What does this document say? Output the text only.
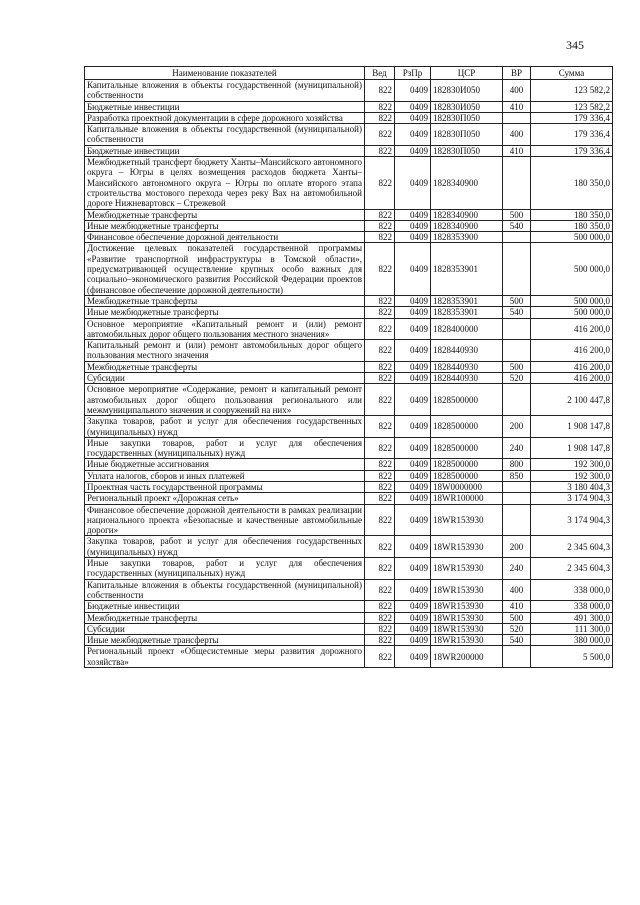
345
Наименование показателей	Вед	РзПр	ЦСР	ВР	Сумма
Капитальные вложения в объекты государственной (муниципальной) собственности	822	0409	182830И050	400	123 582,2
Бюджетные инвестиции	822	0409	182830И050	410	123 582,2
Разработка проектной документации в сфере дорожного хозяйства	822	0409	182830П050		179 336,4
Капитальные вложения в объекты государственной (муниципальной) собственности	822	0409	182830П050	400	179 336,4
Бюджетные инвестиции	822	0409	182830П050	410	179 336,4
Межбюджетный трансферт бюджету Ханты–Мансийского автономного округа – Югры в целях возмещения расходов бюджета Ханты–Мансийского автономного округа – Югры по оплате второго этапа строительства мостового перехода через реку Вах на автомобильной дороге Нижневартовск – Стрежевой	822	0409	1828340900		180 350,0
Межбюджетные трансферты	822	0409	1828340900	500	180 350,0
Иные межбюджетные трансферты	822	0409	1828340900	540	180 350,0
Финансовое обеспечение дорожной деятельности	822	0409	1828353900		500 000,0
Достижение целевых показателей государственной программы «Развитие транспортной инфраструктуры в Томской области», предусматривающей осуществление крупных особо важных для социально–экономического развития Российской Федерации проектов (финансовое обеспечение дорожной деятельности)	822	0409	1828353901		500 000,0
Межбюджетные трансферты	822	0409	1828353901	500	500 000,0
Иные межбюджетные трансферты	822	0409	1828353901	540	500 000,0
Основное мероприятие «Капитальный ремонт и (или) ремонт автомобильных дорог общего пользования местного значения»	822	0409	1828400000		416 200,0
Капитальный ремонт и (или) ремонт автомобильных дорог общего пользования местного значения	822	0409	1828440930		416 200,0
Межбюджетные трансферты	822	0409	1828440930	500	416 200,0
Субсидии	822	0409	1828440930	520	416 200,0
Основное мероприятие «Содержание, ремонт и капитальный ремонт автомобильных дорог общего пользования регионального или межмуниципального значения и сооружений на них»	822	0409	1828500000		2 100 447,8
Закупка товаров, работ и услуг для обеспечения государственных (муниципальных) нужд	822	0409	1828500000	200	1 908 147,8
Иные закупки товаров, работ и услуг для обеспечения государственных (муниципальных) нужд	822	0409	1828500000	240	1 908 147,8
Иные бюджетные ассигнования	822	0409	1828500000	800	192 300,0
Уплата налогов, сборов и иных платежей	822	0409	1828500000	850	192 300,0
Проектная часть государственной программы	822	0409	18W0000000		3 180 404,3
Региональный проект «Дорожная сеть»	822	0409	18WR100000		3 174 904,3
Финансовое обеспечение дорожной деятельности в рамках реализации национального проекта «Безопасные и качественные автомобильные дороги»	822	0409	18WR153930		3 174 904,3
Закупка товаров, работ и услуг для обеспечения государственных (муниципальных) нужд	822	0409	18WR153930	200	2 345 604,3
Иные закупки товаров, работ и услуг для обеспечения государственных (муниципальных) нужд	822	0409	18WR153930	240	2 345 604,3
Капитальные вложения в объекты государственной (муниципальной) собственности	822	0409	18WR153930	400	338 000,0
Бюджетные инвестиции	822	0409	18WR153930	410	338 000,0
Межбюджетные трансферты	822	0409	18WR153930	500	491 300,0
Субсидии	822	0409	18WR153930	520	111 300,0
Иные межбюджетные трансферты	822	0409	18WR153930	540	380 000,0
Региональный проект «Общесистемные меры развития дорожного хозяйства»	822	0409	18WR200000		5 500,0
